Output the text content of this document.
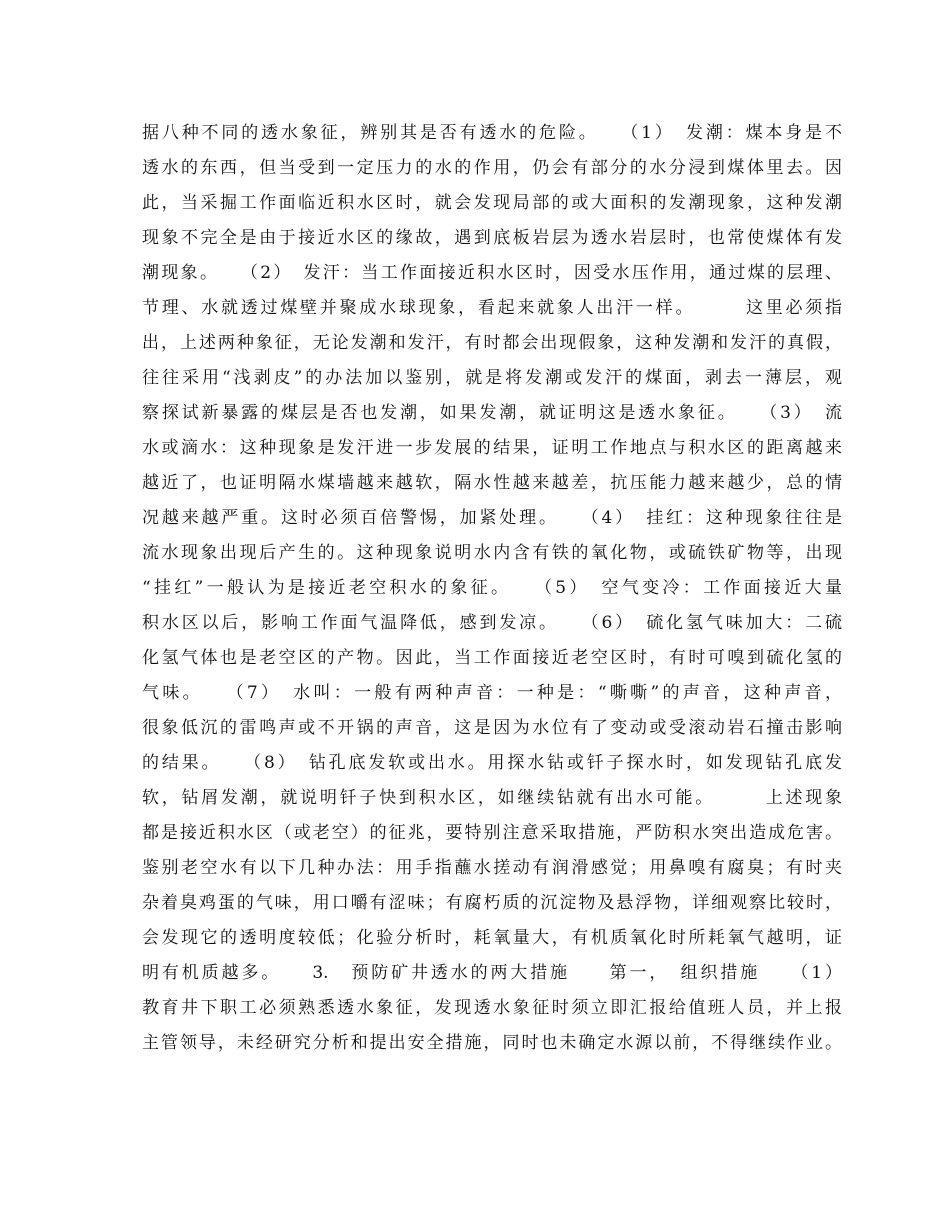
据八种不同的透水象征，辨别其是否有透水的危险。　　（1）　发潮：煤本身是不
透水的东西，但当受到一定压力的水的作用，仍会有部分的水分浸到煤体里去。因
此，当采掘工作面临近积水区时，就会发现局部的或大面积的发潮现象，这种发潮
现象不完全是由于接近水区的缘故，遇到底板岩层为透水岩层时，也常使煤体有发
潮现象。　　（2）　发汗：当工作面接近积水区时，因受水压作用，通过煤的层理、
节理、水就透过煤壁并聚成水球现象，看起来就象人出汗一样。　　　这里必须指
出，上述两种象征，无论发潮和发汗，有时都会出现假象，这种发潮和发汗的真假，
往往采用“浅剥皮”的办法加以鉴别，就是将发潮或发汗的煤面，剥去一薄层，观
察探试新暴露的煤层是否也发潮，如果发潮，就证明这是透水象征。　　（3）　流
水或滴水：这种现象是发汗进一步发展的结果，证明工作地点与积水区的距离越来
越近了，也证明隔水煤墙越来越软，隔水性越来越差，抗压能力越来越少，总的情
况越来越严重。这时必须百倍警惕，加紧处理。　　（4）　挂红：这种现象往往是
流水现象出现后产生的。这种现象说明水内含有铁的氧化物，或硫铁矿物等，出现
“挂红”一般认为是接近老空积水的象征。　　（5）　空气变冷：工作面接近大量
积水区以后，影响工作面气温降低，感到发凉。　　（6）　硫化氢气味加大：二硫
化氢气体也是老空区的产物。因此，当工作面接近老空区时，有时可嗅到硫化氢的
气味。　　（7）　水叫：一般有两种声音：一种是：“嘶嘶”的声音，这种声音，
很象低沉的雷鸣声或不开锅的声音，这是因为水位有了变动或受滚动岩石撞击影响
的结果。　　（8）　钻孔底发软或出水。用探水钻或钎子探水时，如发现钻孔底发
软，钻屑发潮，就说明钎子快到积水区，如继续钻就有出水可能。　　　上述现象
都是接近积水区（或老空）的征兆，要特别注意采取措施，严防积水突出造成危害。
鉴别老空水有以下几种办法：用手指蘸水搓动有润滑感觉；用鼻嗅有腐臭；有时夹
杂着臭鸡蛋的气味，用口嚼有涩味；有腐朽质的沉淀物及悬浮物，详细观察比较时，
会发现它的透明度较低；化验分析时，耗氧量大，有机质氧化时所耗氧气越明，证
明有机质越多。　　3.　预防矿井透水的两大措施　　第一，　组织措施　　（1）
教育井下职工必须熟悉透水象征，发现透水象征时须立即汇报给值班人员，并上报
主管领导，未经研究分析和提出安全措施，同时也未确定水源以前，不得继续作业。
